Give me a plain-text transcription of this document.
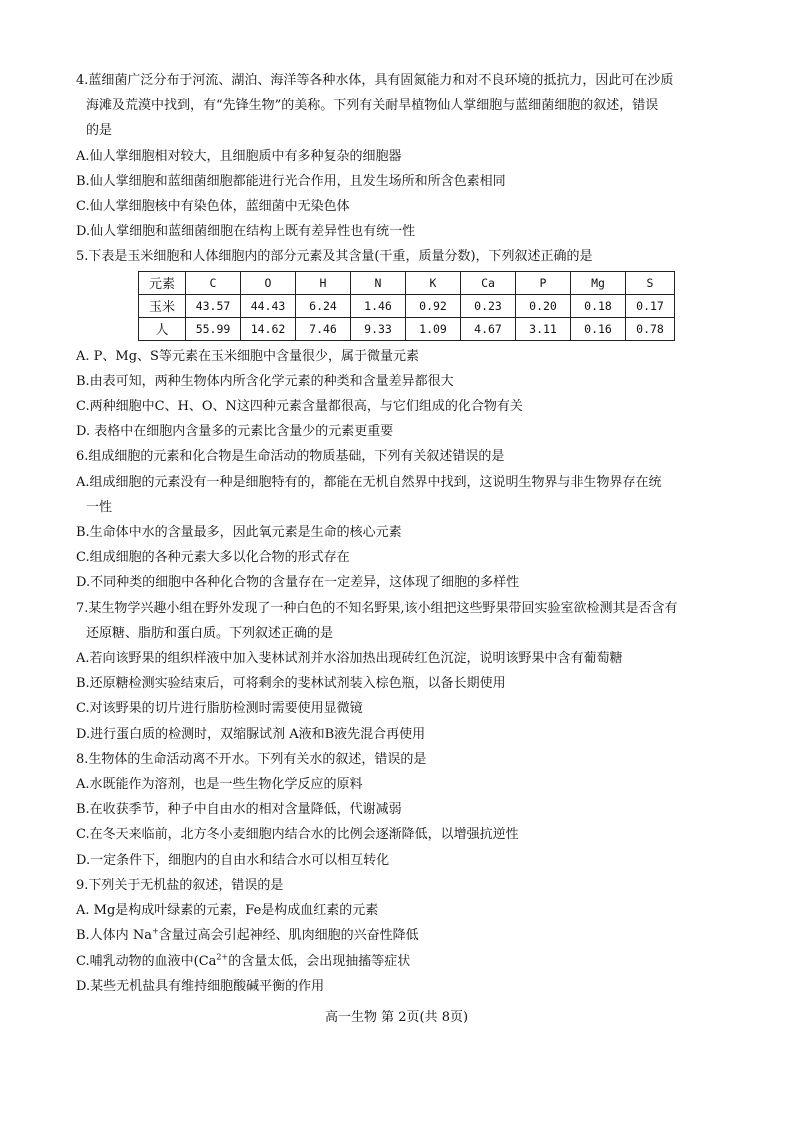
4.蓝细菌广泛分布于河流、湖泊、海洋等各种水体，具有固氮能力和对不良环境的抵抗力，因此可在沙质
海滩及荒漠中找到，有“先锋生物”的美称。下列有关耐旱植物仙人掌细胞与蓝细菌细胞的叙述，错误
的是
A.仙人掌细胞相对较大，且细胞质中有多种复杂的细胞器
B.仙人掌细胞和蓝细菌细胞都能进行光合作用，且发生场所和所含色素相同
C.仙人掌细胞核中有染色体，蓝细菌中无染色体
D.仙人掌细胞和蓝细菌细胞在结构上既有差异性也有统一性
5.下表是玉米细胞和人体细胞内的部分元素及其含量(干重，质量分数)，下列叙述正确的是
元素	C	O	H	N	K	Ca	P	Mg	S
玉米	43.57	44.43	6.24	1.46	0.92	0.23	0.20	0.18	0.17
人	55.99	14.62	7.46	9.33	1.09	4.67	3.11	0.16	0.78
A. P、Mg、S等元素在玉米细胞中含量很少，属于微量元素
B.由表可知，两种生物体内所含化学元素的种类和含量差异都很大
C.两种细胞中C、H、O、N这四种元素含量都很高，与它们组成的化合物有关
D. 表格中在细胞内含量多的元素比含量少的元素更重要
6.组成细胞的元素和化合物是生命活动的物质基础，下列有关叙述错误的是
A.组成细胞的元素没有一种是细胞特有的，都能在无机自然界中找到，这说明生物界与非生物界存在统
一性
B.生命体中水的含量最多，因此氧元素是生命的核心元素
C.组成细胞的各种元素大多以化合物的形式存在
D.不同种类的细胞中各种化合物的含量存在一定差异，这体现了细胞的多样性
7.某生物学兴趣小组在野外发现了一种白色的不知名野果,该小组把这些野果带回实验室欲检测其是否含有
还原糖、脂肪和蛋白质。下列叙述正确的是
A.若向该野果的组织样液中加入斐林试剂并水浴加热出现砖红色沉淀，说明该野果中含有葡萄糖
B.还原糖检测实验结束后，可将剩余的斐林试剂装入棕色瓶，以备长期使用
C.对该野果的切片进行脂肪检测时需要使用显微镜
D.进行蛋白质的检测时，双缩脲试剂 A液和B液先混合再使用
8.生物体的生命活动离不开水。下列有关水的叙述，错误的是
A.水既能作为溶剂，也是一些生物化学反应的原料
B.在收获季节，种子中自由水的相对含量降低，代谢减弱
C.在冬天来临前，北方冬小麦细胞内结合水的比例会逐渐降低，以增强抗逆性
D.一定条件下，细胞内的自由水和结合水可以相互转化
9.下列关于无机盐的叙述，错误的是
A. Mg是构成叶绿素的元素，Fe是构成血红素的元素
B.人体内 Na+含量过高会引起神经、肌肉细胞的兴奋性降低
C.哺乳动物的血液中($Ca^{2+}$的含量太低，会出现抽搐等症状
D.某些无机盐具有维持细胞酸碱平衡的作用
高一生物 第 2页(共 8页)
